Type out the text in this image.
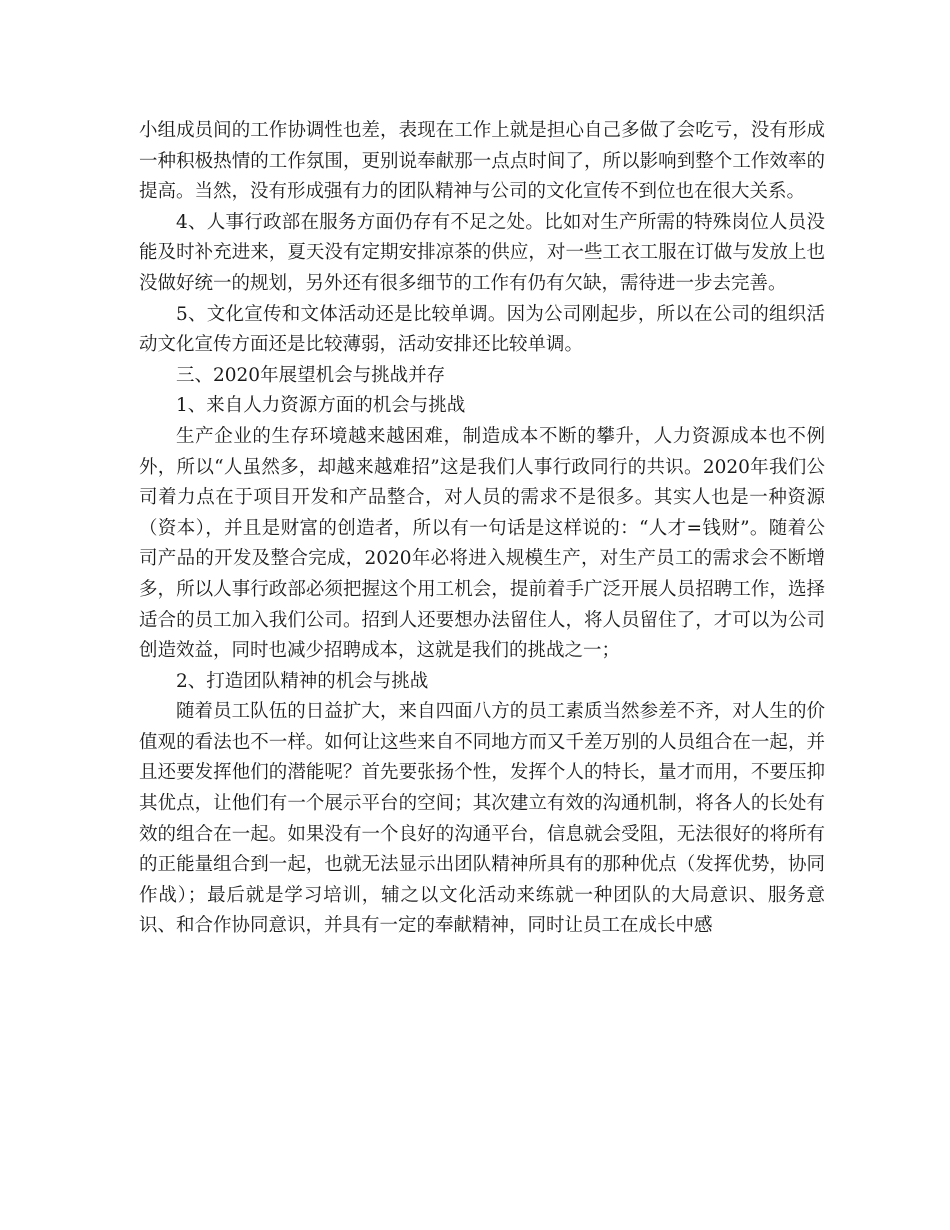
小组成员间的工作协调性也差，表现在工作上就是担心自己多做了会吃亏，没有形成一种积极热情的工作氛围，更别说奉献那一点点时间了，所以影响到整个工作效率的提高。当然，没有形成强有力的团队精神与公司的文化宣传不到位也在很大关系。

4、人事行政部在服务方面仍存有不足之处。比如对生产所需的特殊岗位人员没能及时补充进来，夏天没有定期安排凉茶的供应，对一些工衣工服在订做与发放上也没做好统一的规划，另外还有很多细节的工作有仍有欠缺，需待进一步去完善。

5、文化宣传和文体活动还是比较单调。因为公司刚起步，所以在公司的组织活动文化宣传方面还是比较薄弱，活动安排还比较单调。

三、2020年展望机会与挑战并存

1、来自人力资源方面的机会与挑战

生产企业的生存环境越来越困难，制造成本不断的攀升，人力资源成本也不例外，所以“人虽然多，却越来越难招”这是我们人事行政同行的共识。2020年我们公司着力点在于项目开发和产品整合，对人员的需求不是很多。其实人也是一种资源（资本），并且是财富的创造者，所以有一句话是这样说的：“人才=钱财”。随着公司产品的开发及整合完成，2020年必将进入规模生产，对生产员工的需求会不断增多，所以人事行政部必须把握这个用工机会，提前着手广泛开展人员招聘工作，选择适合的员工加入我们公司。招到人还要想办法留住人，将人员留住了，才可以为公司创造效益，同时也减少招聘成本，这就是我们的挑战之一；

2、打造团队精神的机会与挑战

随着员工队伍的日益扩大，来自四面八方的员工素质当然参差不齐，对人生的价值观的看法也不一样。如何让这些来自不同地方而又千差万别的人员组合在一起，并且还要发挥他们的潜能呢？首先要张扬个性，发挥个人的特长，量才而用，不要压抑其优点，让他们有一个展示平台的空间；其次建立有效的沟通机制，将各人的长处有效的组合在一起。如果没有一个良好的沟通平台，信息就会受阻，无法很好的将所有的正能量组合到一起，也就无法显示出团队精神所具有的那种优点（发挥优势，协同作战）；最后就是学习培训，辅之以文化活动来练就一种团队的大局意识、服务意识、和合作协同意识，并具有一定的奉献精神，同时让员工在成长中感
